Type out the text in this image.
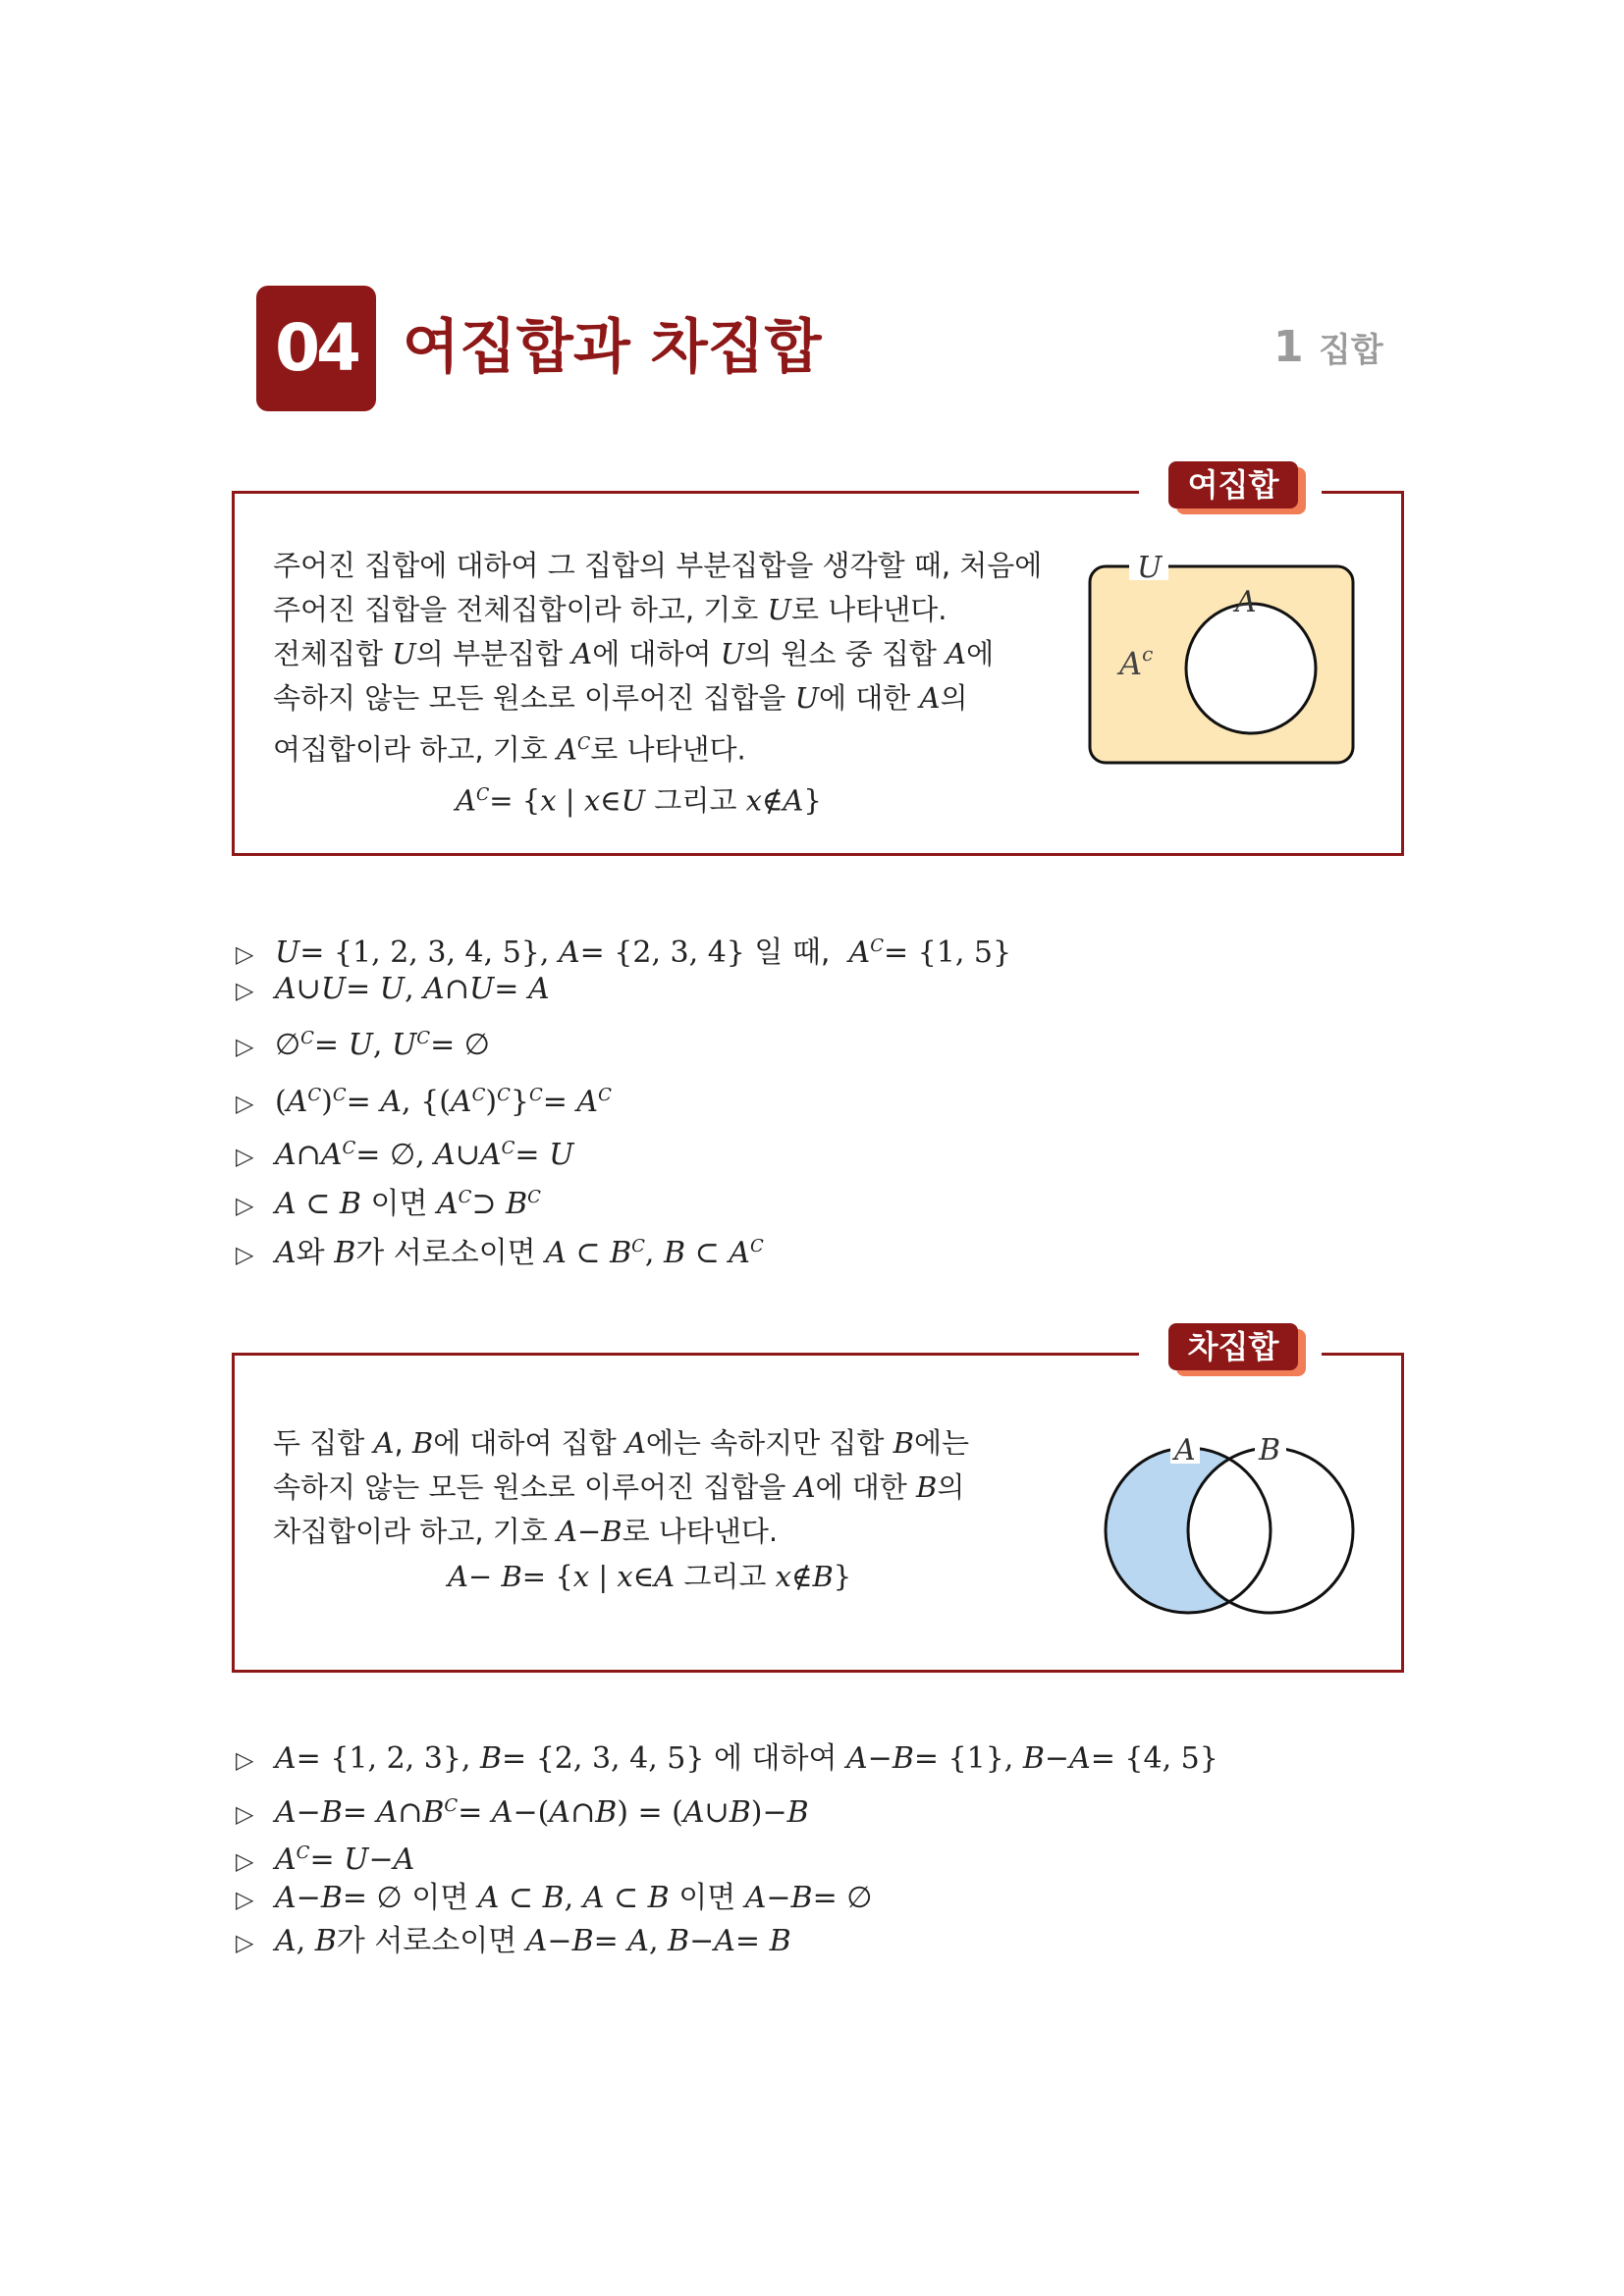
04 여집합과 차집합	1 집합
여집합
주어진 집합에 대하여 그 집합의 부분집합을 생각할 때, 처음에
주어진 집합을 전체집합이라 하고, 기호 U로 나타낸다.
전체집합 U의 부분집합 A에 대하여 U의 원소 중 집합 A에
속하지 않는 모든 원소로 이루어진 집합을 U에 대한 A의
여집합이라 하고, 기호 $A^C$로 나타낸다.
$A^C= \{x$ | x∈U 그리고 x∉A}
U
A
$A^c$
▷ U= {1, 2, 3, 4, 5}, A= {2, 3, 4} 일 때,  $A^C= \{1$, 5}
▷ A∪U= U, A∩U= A
▷ ∅$^C$= U, $U^C=$ ∅
▷ $(A^C)^C= A$, $\{(A^C)^C\}^C= A^C$
▷ $A\cap A^C=$ ∅, $A\cup A^C= U$
▷ A ⊂ B 이면 $A^C⊃$ $B^C$
▷ A와 B가 서로소이면 A ⊂ $B^C$, B ⊂ $A^C$
차집합
두 집합 A, B에 대하여 집합 A에는 속하지만 집합 B에는
속하지 않는 모든 원소로 이루어진 집합을 A에 대한 B의
차집합이라 하고, 기호 A−B로 나타낸다.
A− B= {x | x∈A 그리고 x∉B}
A B
▷ A= {1, 2, 3}, B= {2, 3, 4, 5} 에 대하여 A−B= {1}, B−A= {4, 5}
▷ $A-B= A\cap B^C=$ A−(A∩B) = (A∪B)−B
▷ $A^C= U-A$
▷ A−B= ∅ 이면 A ⊂ B, A ⊂ B 이면 A−B= ∅
▷ A, B가 서로소이면 A−B= A, B−A= B
